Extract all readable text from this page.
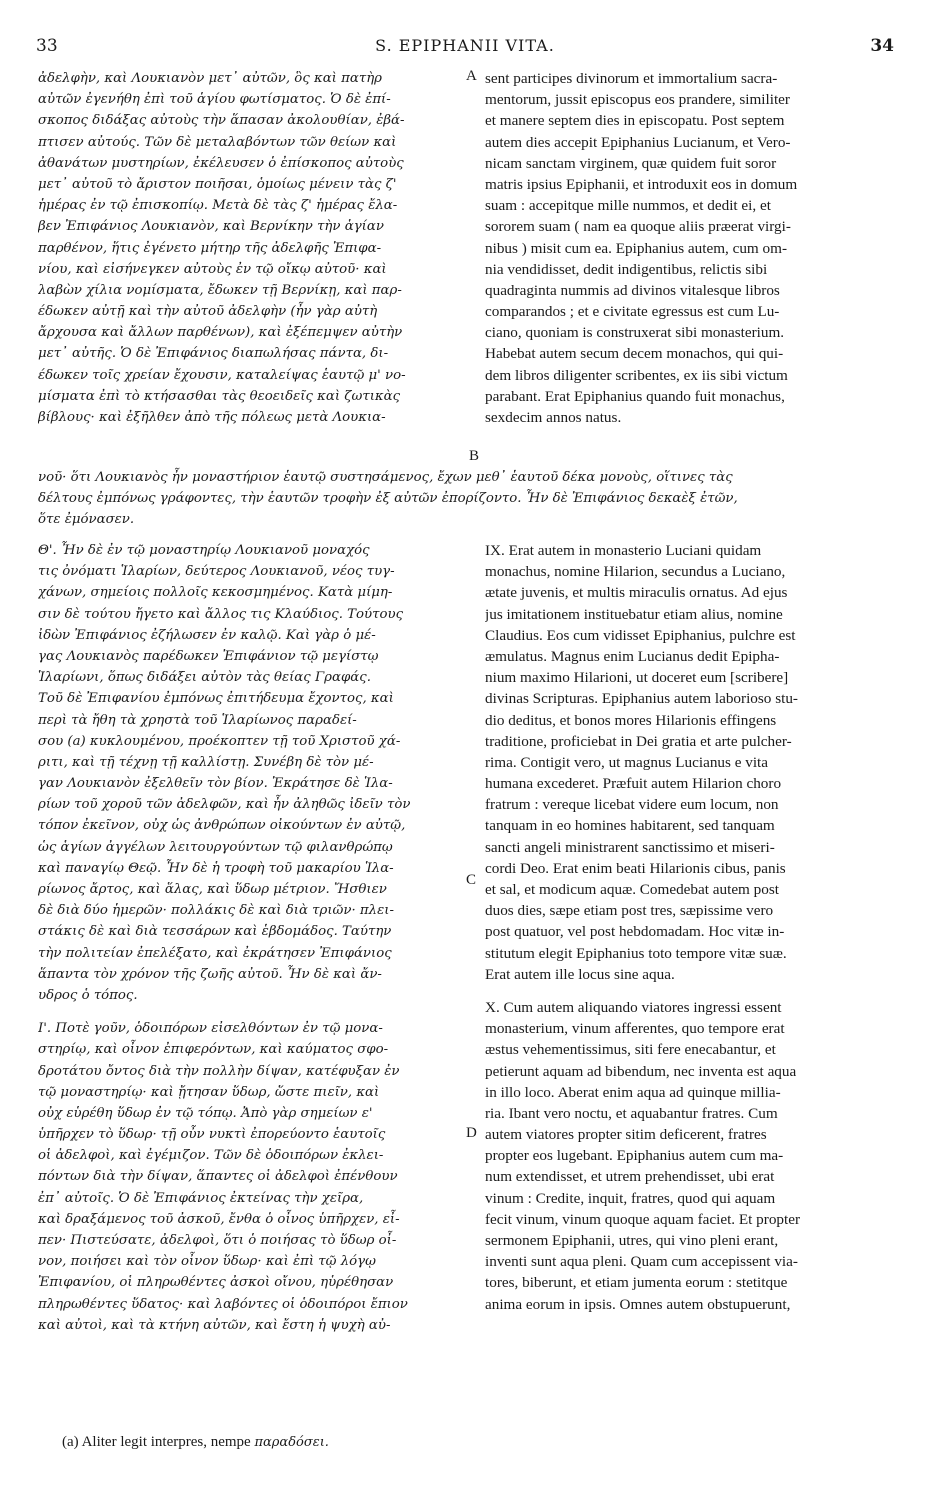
33	S. EPIPHANII VITA.	34
A
B
C
D
ἀδελφὴν, καὶ Λουκιανὸν μετ᾽ αὐτῶν, ὃς καὶ πατὴρ
αὐτῶν ἐγενήθη ἐπὶ τοῦ ἁγίου φωτίσματος. Ὁ δὲ ἐπί-
σκοπος διδάξας αὐτοὺς τὴν ἅπασαν ἀκολουθίαν, ἐβά-
πτισεν αὐτούς. Τῶν δὲ μεταλαβόντων τῶν θείων καὶ
ἀθανάτων μυστηρίων, ἐκέλευσεν ὁ ἐπίσκοπος αὐτοὺς
μετ᾽ αὐτοῦ τὸ ἄριστον ποιῆσαι, ὁμοίως μένειν τὰς ζ'
ἡμέρας ἐν τῷ ἐπισκοπίῳ. Μετὰ δὲ τὰς ζ' ἡμέρας ἔλα-
βεν Ἐπιφάνιος Λουκιανὸν, καὶ Βερνίκην τὴν ἁγίαν
παρθένον, ἥτις ἐγένετο μήτηρ τῆς ἀδελφῆς Ἐπιφα-
νίου, καὶ εἰσήνεγκεν αὐτοὺς ἐν τῷ οἴκῳ αὐτοῦ· καὶ
λαβὼν χίλια νομίσματα, ἔδωκεν τῇ Βερνίκῃ, καὶ παρ-
έδωκεν αὐτῇ καὶ τὴν αὐτοῦ ἀδελφὴν (ἦν γὰρ αὐτὴ
ἄρχουσα καὶ ἄλλων παρθένων), καὶ ἐξέπεμψεν αὐτὴν
μετ᾽ αὐτῆς. Ὁ δὲ Ἐπιφάνιος διαπωλήσας πάντα, δι-
έδωκεν τοῖς χρείαν ἔχουσιν, καταλείψας ἑαυτῷ μ' νο-
μίσματα ἐπὶ τὸ κτήσασθαι τὰς θεοειδεῖς καὶ ζωτικὰς
βίβλους· καὶ ἐξῆλθεν ἀπὸ τῆς πόλεως μετὰ Λουκια-
sent participes divinorum et immortalium sacra-
mentorum, jussit episcopus eos prandere, similiter
et manere septem dies in episcopatu. Post septem
autem dies accepit Epiphanius Lucianum, et Vero-
nicam sanctam virginem, quæ quidem fuit soror
matris ipsius Epiphanii, et introduxit eos in domum
suam : accepitque mille nummos, et dedit ei, et
sororem suam ( nam ea quoque aliis præerat virgi-
nibus ) misit cum ea. Epiphanius autem, cum om-
nia vendidisset, dedit indigentibus, relictis sibi
quadraginta nummis ad divinos vitalesque libros
comparandos ; et e civitate egressus est cum Lu-
ciano, quoniam is construxerat sibi monasterium.
Habebat autem secum decem monachos, qui qui-
dem libros diligenter scribentes, ex iis sibi victum
parabant. Erat Epiphanius quando fuit monachus,
sexdecim annos natus.
νοῦ· ὅτι Λουκιανὸς ἦν μοναστήριον ἑαυτῷ συστησάμενος, ἔχων μεθ᾽ ἑαυτοῦ δέκα μονοὺς, οἵτινες τὰς
δέλτους ἐμπόνως γράφοντες, τὴν ἑαυτῶν τροφὴν ἐξ αὐτῶν ἐπορίζοντο. Ἦν δὲ Ἐπιφάνιος δεκαὲξ ἐτῶν,
ὅτε ἐμόνασεν.
Θ'. Ἦν δὲ ἐν τῷ μοναστηρίῳ Λουκιανοῦ μοναχός
τις ὀνόματι Ἱλαρίων, δεύτερος Λουκιανοῦ, νέος τυγ-
χάνων, σημείοις πολλοῖς κεκοσμημένος. Κατὰ μίμη-
σιν δὲ τούτου ἤγετο καὶ ἄλλος τις Κλαύδιος. Τούτους
ἰδὼν Ἐπιφάνιος ἐζήλωσεν ἐν καλῷ. Καὶ γὰρ ὁ μέ-
γας Λουκιανὸς παρέδωκεν Ἐπιφάνιον τῷ μεγίστῳ
Ἱλαρίωνι, ὅπως διδάξει αὐτὸν τὰς θείας Γραφάς.
Τοῦ δὲ Ἐπιφανίου ἐμπόνως ἐπιτήδευμα ἔχοντος, καὶ
περὶ τὰ ἤθη τὰ χρηστὰ τοῦ Ἱλαρίωνος παραδεί-
σου (a) κυκλουμένου, προέκοπτεν τῇ τοῦ Χριστοῦ χά-
ριτι, καὶ τῇ τέχνῃ τῇ καλλίστῃ. Συνέβη δὲ τὸν μέ-
γαν Λουκιανὸν ἐξελθεῖν τὸν βίον. Ἐκράτησε δὲ Ἱλα-
ρίων τοῦ χοροῦ τῶν ἀδελφῶν, καὶ ἦν ἀληθῶς ἰδεῖν τὸν
τόπον ἐκεῖνον, οὐχ ὡς ἀνθρώπων οἰκούντων ἐν αὐτῷ,
ὡς ἁγίων ἀγγέλων λειτουργούντων τῷ φιλανθρώπῳ
καὶ παναγίῳ Θεῷ. Ἦν δὲ ἡ τροφὴ τοῦ μακαρίου Ἱλα-
ρίωνος ἄρτος, καὶ ἅλας, καὶ ὕδωρ μέτριον. Ἤσθιεν
δὲ διὰ δύο ἡμερῶν· πολλάκις δὲ καὶ διὰ τριῶν· πλει-
στάκις δὲ καὶ διὰ τεσσάρων καὶ ἑβδομάδος. Ταύτην
τὴν πολιτείαν ἐπελέξατο, καὶ ἐκράτησεν Ἐπιφάνιος
ἅπαντα τὸν χρόνον τῆς ζωῆς αὐτοῦ. Ἦν δὲ καὶ ἄν-
υδρος ὁ τόπος.
Ι'. Ποτὲ γοῦν, ὁδοιπόρων εἰσελθόντων ἐν τῷ μονα-
στηρίῳ, καὶ οἶνον ἐπιφερόντων, καὶ καύματος σφο-
δροτάτου ὄντος διὰ τὴν πολλὴν δίψαν, κατέφυξαν ἐν
τῷ μοναστηρίῳ· καὶ ᾔτησαν ὕδωρ, ὥστε πιεῖν, καὶ
οὐχ εὑρέθη ὕδωρ ἐν τῷ τόπῳ. Ἀπὸ γὰρ σημείων ε'
ὑπῆρχεν τὸ ὕδωρ· τῇ οὖν νυκτὶ ἐπορεύοντο ἑαυτοῖς
οἱ ἀδελφοὶ, καὶ ἐγέμιζον. Τῶν δὲ ὁδοιπόρων ἐκλει-
πόντων διὰ τὴν δίψαν, ἅπαντες οἱ ἀδελφοὶ ἐπένθουν
ἐπ᾽ αὐτοῖς. Ὁ δὲ Ἐπιφάνιος ἐκτείνας τὴν χεῖρα,
καὶ δραξάμενος τοῦ ἀσκοῦ, ἔνθα ὁ οἶνος ὑπῆρχεν, εἶ-
πεν· Πιστεύσατε, ἀδελφοὶ, ὅτι ὁ ποιήσας τὸ ὕδωρ οἶ-
νον, ποιήσει καὶ τὸν οἶνον ὕδωρ· καὶ ἐπὶ τῷ λόγῳ
Ἐπιφανίου, οἱ πληρωθέντες ἀσκοὶ οἴνου, ηὑρέθησαν
πληρωθέντες ὕδατος· καὶ λαβόντες οἱ ὁδοιπόροι ἔπιον
καὶ αὐτοὶ, καὶ τὰ κτήνη αὐτῶν, καὶ ἔστη ἡ ψυχὴ αὐ-
IX. Erat autem in monasterio Luciani quidam
monachus, nomine Hilarion, secundus a Luciano,
ætate juvenis, et multis miraculis ornatus. Ad ejus
jus imitationem instituebatur etiam alius, nomine
Claudius. Eos cum vidisset Epiphanius, pulchre est
æmulatus. Magnus enim Lucianus dedit Epipha-
nium maximo Hilarioni, ut doceret eum [scribere]
divinas Scripturas. Epiphanius autem laborioso stu-
dio deditus, et bonos mores Hilarionis effingens
traditione, proficiebat in Dei gratia et arte pulcher-
rima. Contigit vero, ut magnus Lucianus e vita
humana excederet. Præfuit autem Hilarion choro
fratrum : vereque licebat videre eum locum, non
tanquam in eo homines habitarent, sed tanquam
sancti angeli ministrarent sanctissimo et miseri-
cordi Deo. Erat enim beati Hilarionis cibus, panis
et sal, et modicum aquæ. Comedebat autem post
duos dies, sæpe etiam post tres, sæpissime vero
post quatuor, vel post hebdomadam. Hoc vitæ in-
stitutum elegit Epiphanius toto tempore vitæ suæ.
Erat autem ille locus sine aqua.
X. Cum autem aliquando viatores ingressi essent
monasterium, vinum afferentes, quo tempore erat
æstus vehementissimus, siti fere enecabantur, et
petierunt aquam ad bibendum, nec inventa est aqua
in illo loco. Aberat enim aqua ad quinque millia-
ria. Ibant vero noctu, et aquabantur fratres. Cum
autem viatores propter sitim deficerent, fratres
propter eos lugebant. Epiphanius autem cum ma-
num extendisset, et utrem prehendisset, ubi erat
vinum : Credite, inquit, fratres, quod qui aquam
fecit vinum, vinum quoque aquam faciet. Et propter
sermonem Epiphanii, utres, qui vino pleni erant,
inventi sunt aqua pleni. Quam cum accepissent via-
tores, biberunt, et etiam jumenta eorum : stetitque
anima eorum in ipsis. Omnes autem obstupuerunt,
(a) Aliter legit interpres, nempe παραδόσει.
